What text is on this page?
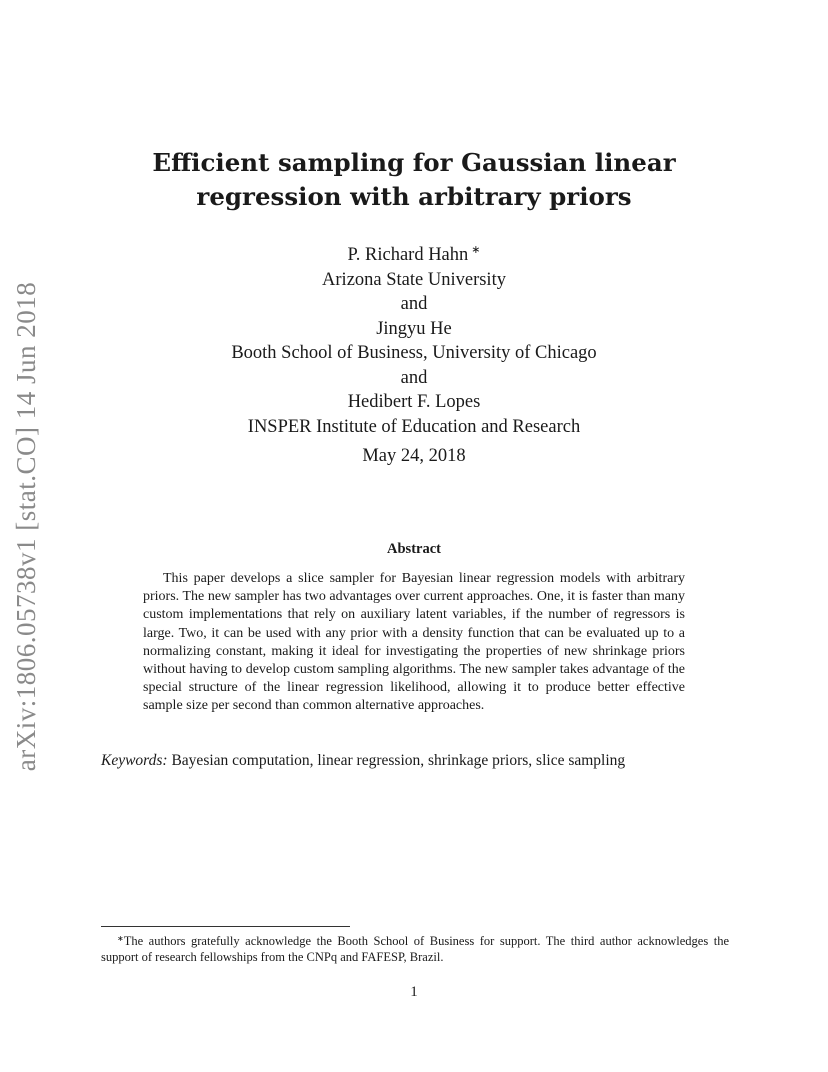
arXiv:1806.05738v1 [stat.CO] 14 Jun 2018
Efficient sampling for Gaussian linear
regression with arbitrary priors
P. Richard Hahn ∗
Arizona State University
and
Jingyu He
Booth School of Business, University of Chicago
and
Hedibert F. Lopes
INSPER Institute of Education and Research
May 24, 2018
Abstract

This paper develops a slice sampler for Bayesian linear regression models with arbitrary priors. The new sampler has two advantages over current approaches. One, it is faster than many custom implementations that rely on auxiliary latent variables, if the number of regressors is large. Two, it can be used with any prior with a density function that can be evaluated up to a normalizing constant, making it ideal for investigating the properties of new shrinkage priors without having to develop custom sampling algorithms. The new sampler takes advantage of the special structure of the linear regression likelihood, allowing it to produce better effective sample size per second than common alternative approaches.

Keywords: Bayesian computation, linear regression, shrinkage priors, slice sampling

∗The authors gratefully acknowledge the Booth School of Business for support. The third author acknowledges the support of research fellowships from the CNPq and FAFESP, Brazil.

1
